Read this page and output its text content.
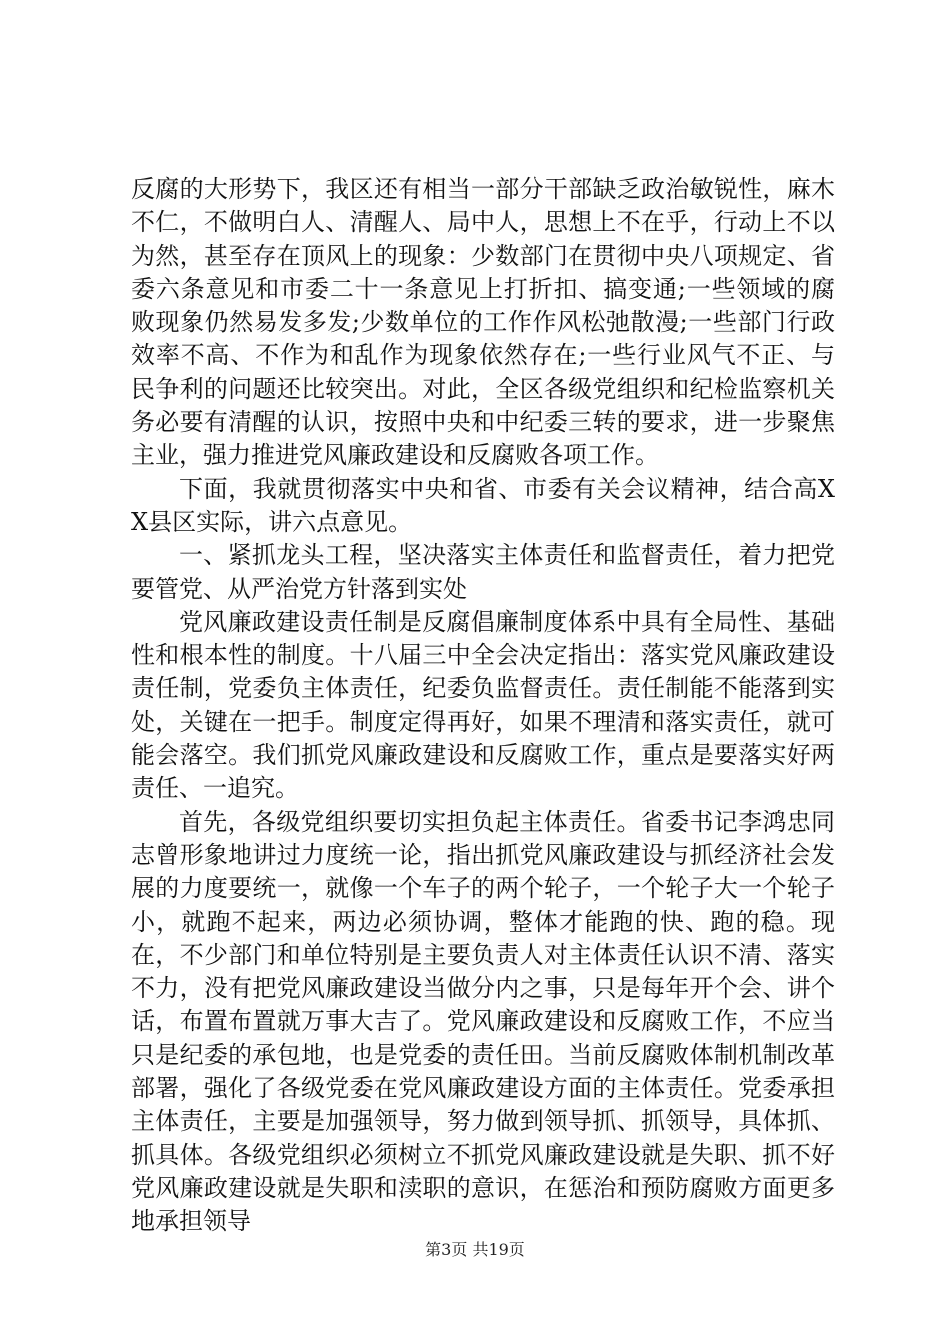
反腐的大形势下，我区还有相当一部分干部缺乏政治敏锐性，麻木不仁，不做明白人、清醒人、局中人，思想上不在乎，行动上不以为然，甚至存在顶风上的现象：少数部门在贯彻中央八项规定、省委六条意见和市委二十一条意见上打折扣、搞变通;一些领域的腐败现象仍然易发多发;少数单位的工作作风松弛散漫;一些部门行政效率不高、不作为和乱作为现象依然存在;一些行业风气不正、与民争利的问题还比较突出。对此，全区各级党组织和纪检监察机关务必要有清醒的认识，按照中央和中纪委三转的要求，进一步聚焦主业，强力推进党风廉政建设和反腐败各项工作。

下面，我就贯彻落实中央和省、市委有关会议精神，结合高XX县区实际，讲六点意见。

一、紧抓龙头工程，坚决落实主体责任和监督责任，着力把党要管党、从严治党方针落到实处

党风廉政建设责任制是反腐倡廉制度体系中具有全局性、基础性和根本性的制度。十八届三中全会决定指出：落实党风廉政建设责任制，党委负主体责任，纪委负监督责任。责任制能不能落到实处，关键在一把手。制度定得再好，如果不理清和落实责任，就可能会落空。我们抓党风廉政建设和反腐败工作，重点是要落实好两责任、一追究。

首先，各级党组织要切实担负起主体责任。省委书记李鸿忠同志曾形象地讲过力度统一论，指出抓党风廉政建设与抓经济社会发展的力度要统一，就像一个车子的两个轮子，一个轮子大一个轮子小，就跑不起来，两边必须协调，整体才能跑的快、跑的稳。现在，不少部门和单位特别是主要负责人对主体责任认识不清、落实不力，没有把党风廉政建设当做分内之事，只是每年开个会、讲个话，布置布置就万事大吉了。党风廉政建设和反腐败工作，不应当只是纪委的承包地，也是党委的责任田。当前反腐败体制机制改革部署，强化了各级党委在党风廉政建设方面的主体责任。党委承担主体责任，主要是加强领导，努力做到领导抓、抓领导，具体抓、抓具体。各级党组织必须树立不抓党风廉政建设就是失职、抓不好党风廉政建设就是失职和渎职的意识，在惩治和预防腐败方面更多地承担领导

第3页 共19页
